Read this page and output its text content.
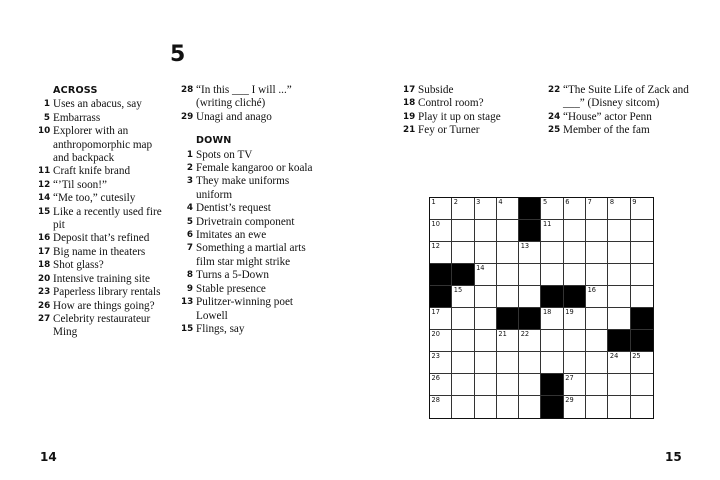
5
ACROSS
1 Uses an abacus, say
5 Embarrass
10 Explorer with an anthropomorphic map and backpack
11 Craft knife brand
12 “’Til soon!”
14 “Me too,” cutesily
15 Like a recently used fire pit
16 Deposit that’s refined
17 Big name in theaters
18 Shot glass?
20 Intensive training site
23 Paperless library rentals
26 How are things going?
27 Celebrity restaurateur Ming
28 “In this ___ I will ...” (writing cliché)
29 Unagi and anago
DOWN
1 Spots on TV
2 Female kangaroo or koala
3 They make uniforms uniform
4 Dentist’s request
5 Drivetrain component
6 Imitates an ewe
7 Something a martial arts film star might strike
8 Turns a 5-Down
9 Stable presence
13 Pulitzer-winning poet Lowell
15 Flings, say
17 Subside
18 Control room?
19 Play it up on stage
21 Fey or Turner
22 “The Suite Life of Zack and ___” (Disney sitcom)
24 “House” actor Penn
25 Member of the fam
1	2	3	4	5	6	7	8	9
10	11
12	13
14
15	16
17	18 19
20	21 22
23	24 25
26	27
28	29
14	15
